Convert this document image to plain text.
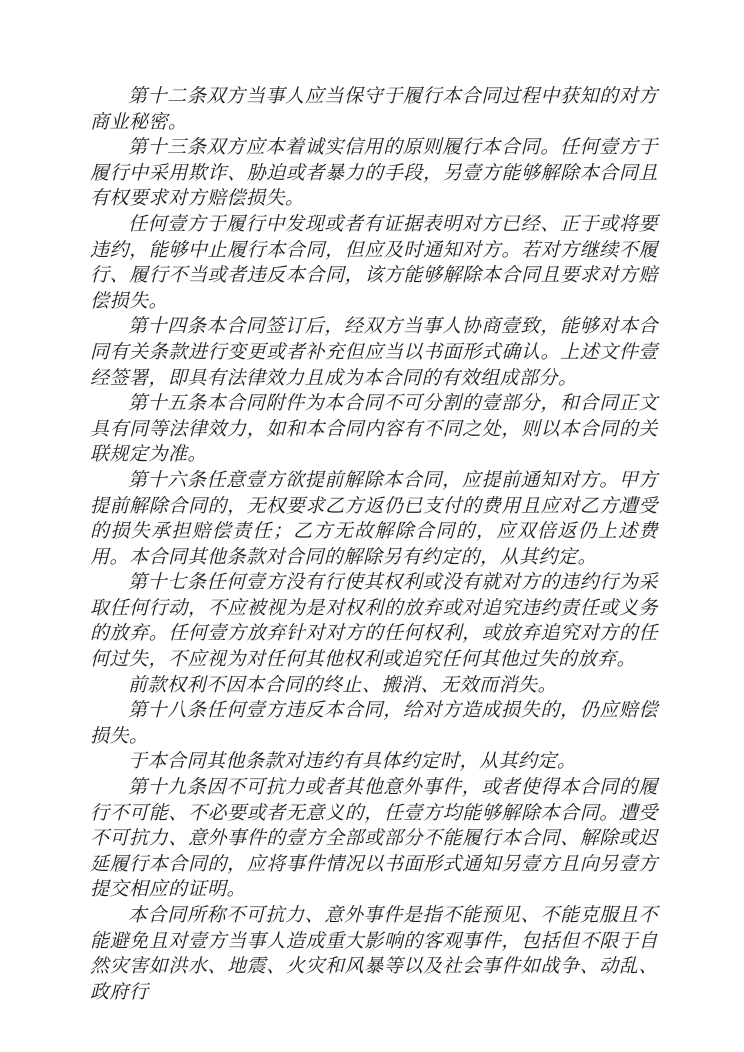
第十二条双方当事人应当保守于履行本合同过程中获知的对方商业秘密。

第十三条双方应本着诚实信用的原则履行本合同。任何壹方于履行中采用欺诈、胁迫或者暴力的手段，另壹方能够解除本合同且有权要求对方赔偿损失。

任何壹方于履行中发现或者有证据表明对方已经、正于或将要违约，能够中止履行本合同，但应及时通知对方。若对方继续不履行、履行不当或者违反本合同，该方能够解除本合同且要求对方赔偿损失。

第十四条本合同签订后，经双方当事人协商壹致，能够对本合同有关条款进行变更或者补充但应当以书面形式确认。上述文件壹经签署，即具有法律效力且成为本合同的有效组成部分。

第十五条本合同附件为本合同不可分割的壹部分，和合同正文具有同等法律效力，如和本合同内容有不同之处，则以本合同的关联规定为准。

第十六条任意壹方欲提前解除本合同，应提前通知对方。甲方提前解除合同的，无权要求乙方返仍已支付的费用且应对乙方遭受的损失承担赔偿责任；乙方无故解除合同的，应双倍返仍上述费用。本合同其他条款对合同的解除另有约定的，从其约定。

第十七条任何壹方没有行使其权利或没有就对方的违约行为采取任何行动，不应被视为是对权利的放弃或对追究违约责任或义务的放弃。任何壹方放弃针对对方的任何权利，或放弃追究对方的任何过失，不应视为对任何其他权利或追究任何其他过失的放弃。

前款权利不因本合同的终止、搬消、无效而消失。

第十八条任何壹方违反本合同，给对方造成损失的，仍应赔偿损失。

于本合同其他条款对违约有具体约定时，从其约定。

第十九条因不可抗力或者其他意外事件，或者使得本合同的履行不可能、不必要或者无意义的，任壹方均能够解除本合同。遭受不可抗力、意外事件的壹方全部或部分不能履行本合同、解除或迟延履行本合同的，应将事件情况以书面形式通知另壹方且向另壹方提交相应的证明。

本合同所称不可抗力、意外事件是指不能预见、不能克服且不能避免且对壹方当事人造成重大影响的客观事件，包括但不限于自然灾害如洪水、地震、火灾和风暴等以及社会事件如战争、动乱、政府行
